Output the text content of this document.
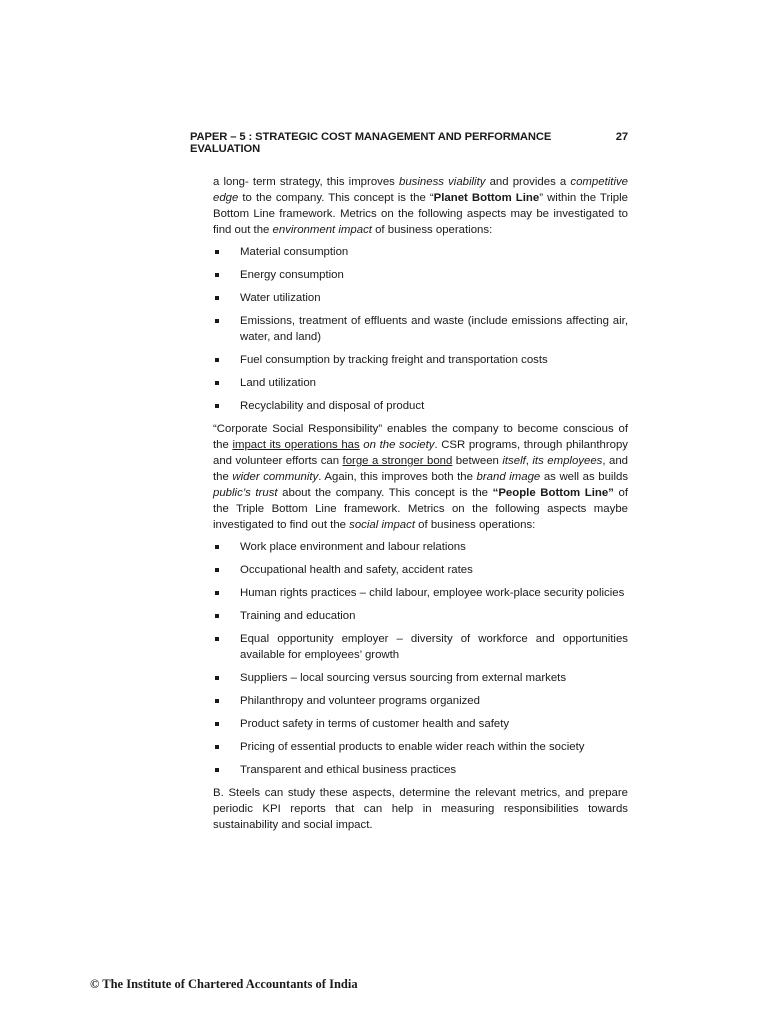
PAPER – 5 : STRATEGIC COST MANAGEMENT AND PERFORMANCE EVALUATION
27

a long- term strategy, this improves business viability and provides a competitive edge to the company. This concept is the “Planet Bottom Line” within the Triple Bottom Line framework. Metrics on the following aspects may be investigated to find out the environment impact of business operations:

Material consumption
Energy consumption
Water utilization
Emissions, treatment of effluents and waste (include emissions affecting air, water, and land)
Fuel consumption by tracking freight and transportation costs
Land utilization
Recyclability and disposal of product

“Corporate Social Responsibility” enables the company to become conscious of the impact its operations has on the society. CSR programs, through philanthropy and volunteer efforts can forge a stronger bond between itself, its employees, and the wider community. Again, this improves both the brand image as well as builds public’s trust about the company. This concept is the “People Bottom Line” of the Triple Bottom Line framework. Metrics on the following aspects maybe investigated to find out the social impact of business operations:

Work place environment and labour relations
Occupational health and safety, accident rates
Human rights practices – child labour, employee work-place security policies
Training and education
Equal opportunity employer – diversity of workforce and opportunities available for employees’ growth
Suppliers – local sourcing versus sourcing from external markets
Philanthropy and volunteer programs organized
Product safety in terms of customer health and safety
Pricing of essential products to enable wider reach within the society
Transparent and ethical business practices

B. Steels can study these aspects, determine the relevant metrics, and prepare periodic KPI reports that can help in measuring responsibilities towards sustainability and social impact.

© The Institute of Chartered Accountants of India
